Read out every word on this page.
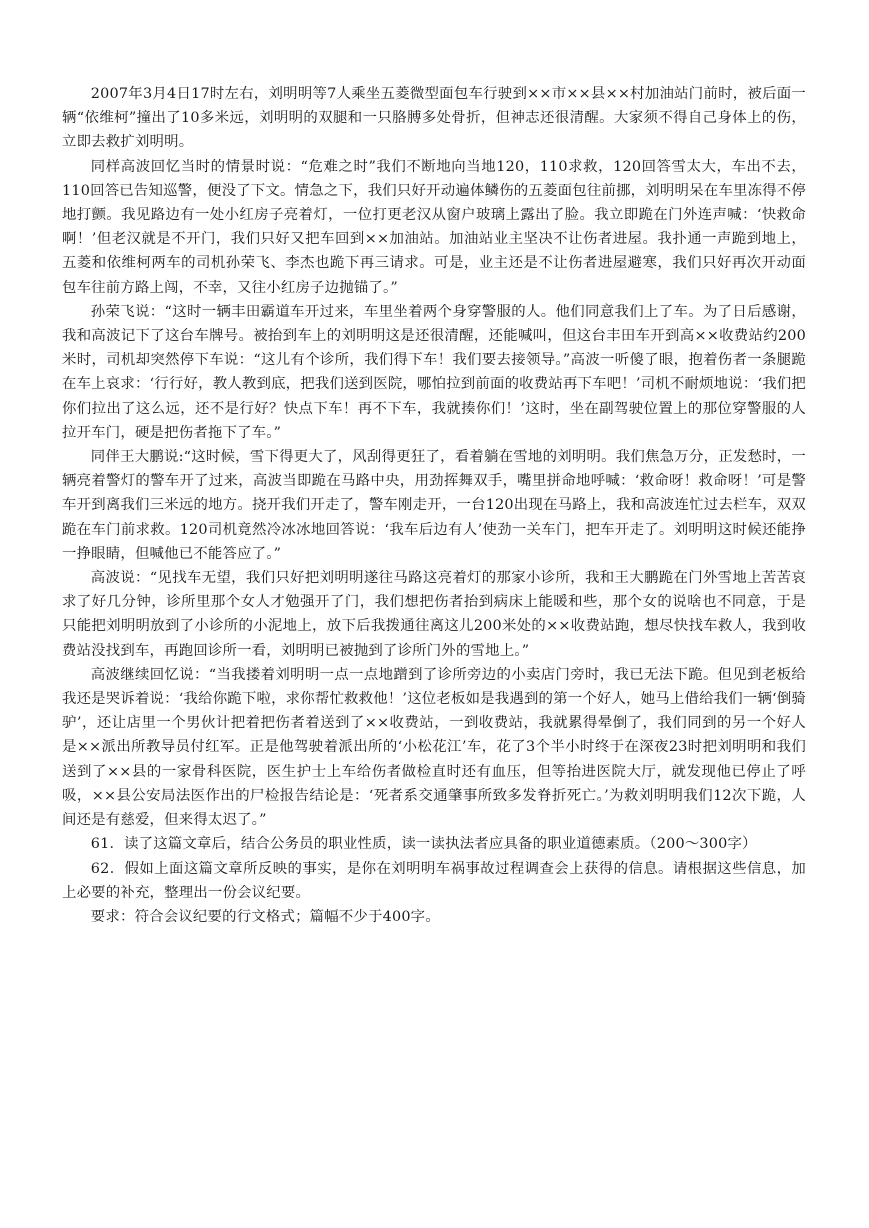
2007年3月4日17时左右，刘明明等7人乘坐五菱微型面包车行驶到××市××县××村加油站门前时，被后面一辆“依维柯”撞出了10多米远，刘明明的双腿和一只胳膊多处骨折，但神志还很清醒。大家须不得自己身体上的伤，立即去救扩刘明明。

同样高波回忆当时的情景时说：“危难之时”我们不断地向当地120，110求救，120回答雪太大，车出不去，110回答已告知巡警，便没了下文。情急之下，我们只好开动遍体鳞伤的五菱面包往前挪，刘明明呆在车里冻得不停地打颤。我见路边有一处小红房子亮着灯，一位打更老汉从窗户玻璃上露出了脸。我立即跪在门外连声喊：‘快救命啊！’但老汉就是不开门，我们只好又把车回到××加油站。加油站业主坚决不让伤者进屋。我扑通一声跪到地上，五菱和依维柯两车的司机孙荣飞、李杰也跪下再三请求。可是，业主还是不让伤者进屋避寒，我们只好再次开动面包车往前方路上闯，不幸，又往小红房子边抛锚了。”

孙荣飞说：“这时一辆丰田霸道车开过来，车里坐着两个身穿警服的人。他们同意我们上了车。为了日后感谢，我和高波记下了这台车牌号。被抬到车上的刘明明这是还很清醒，还能喊叫，但这台丰田车开到高××收费站约200米时，司机却突然停下车说：“这儿有个诊所，我们得下车！我们要去接领导。”高波一听傻了眼，抱着伤者一条腿跪在车上哀求：‘行行好，教人教到底，把我们送到医院，哪怕拉到前面的收费站再下车吧！’司机不耐烦地说：‘我们把你们拉出了这么远，还不是行好？快点下车！再不下车，我就揍你们！’这时，坐在副驾驶位置上的那位穿警服的人拉开车门，硬是把伤者拖下了车。”

同伴王大鹏说:“这时候，雪下得更大了，风刮得更狂了，看着躺在雪地的刘明明。我们焦急万分，正发愁时，一辆亮着警灯的警车开了过来，高波当即跪在马路中央，用劲挥舞双手，嘴里拼命地呼喊：‘救命呀！救命呀！’可是警车开到离我们三米远的地方。挠开我们开走了，警车刚走开，一台120出现在马路上，我和高波连忙过去栏车，双双跪在车门前求救。120司机竟然冷冰冰地回答说：‘我车后边有人’使劲一关车门，把车开走了。刘明明这时候还能挣一挣眼睛，但喊他已不能答应了。”

高波说：“见找车无望，我们只好把刘明明遂往马路这亮着灯的那家小诊所，我和王大鹏跪在门外雪地上苦苦哀求了好几分钟，诊所里那个女人才勉强开了门，我们想把伤者抬到病床上能暖和些，那个女的说啥也不同意，于是只能把刘明明放到了小诊所的小泥地上，放下后我拨通往离这儿200米处的××收费站跑，想尽快找车救人，我到收费站没找到车，再跑回诊所一看，刘明明已被抛到了诊所门外的雪地上。”

高波继续回忆说：“当我搂着刘明明一点一点地蹭到了诊所旁边的小卖店门旁时，我已无法下跪。但见到老板给我还是哭诉着说：‘我给你跪下啦，求你帮忙救救他！’这位老板如是我遇到的第一个好人，她马上借给我们一辆‘倒骑驴’，还让店里一个男伙计把着把伤者着送到了××收费站，一到收费站，我就累得晕倒了，我们同到的另一个好人是××派出所教导员付红军。正是他驾驶着派出所的‘小松花江’车，花了3个半小时终于在深夜23时把刘明明和我们送到了××县的一家骨科医院，医生护士上车给伤者做检直时还有血压，但等抬进医院大厅，就发现他已停止了呼吸，××县公安局法医作出的尸检报告结论是：‘死者系交通肇事所致多发脊折死亡。’为救刘明明我们12次下跪，人间还是有慈爱，但来得太迟了。”

61．读了这篇文章后，结合公务员的职业性质，读一读执法者应具备的职业道德素质。（200～300字）

62．假如上面这篇文章所反映的事实，是你在刘明明车祸事故过程调查会上获得的信息。请根据这些信息，加上必要的补充，整理出一份会议纪要。

要求：符合会议纪要的行文格式；篇幅不少于400字。
